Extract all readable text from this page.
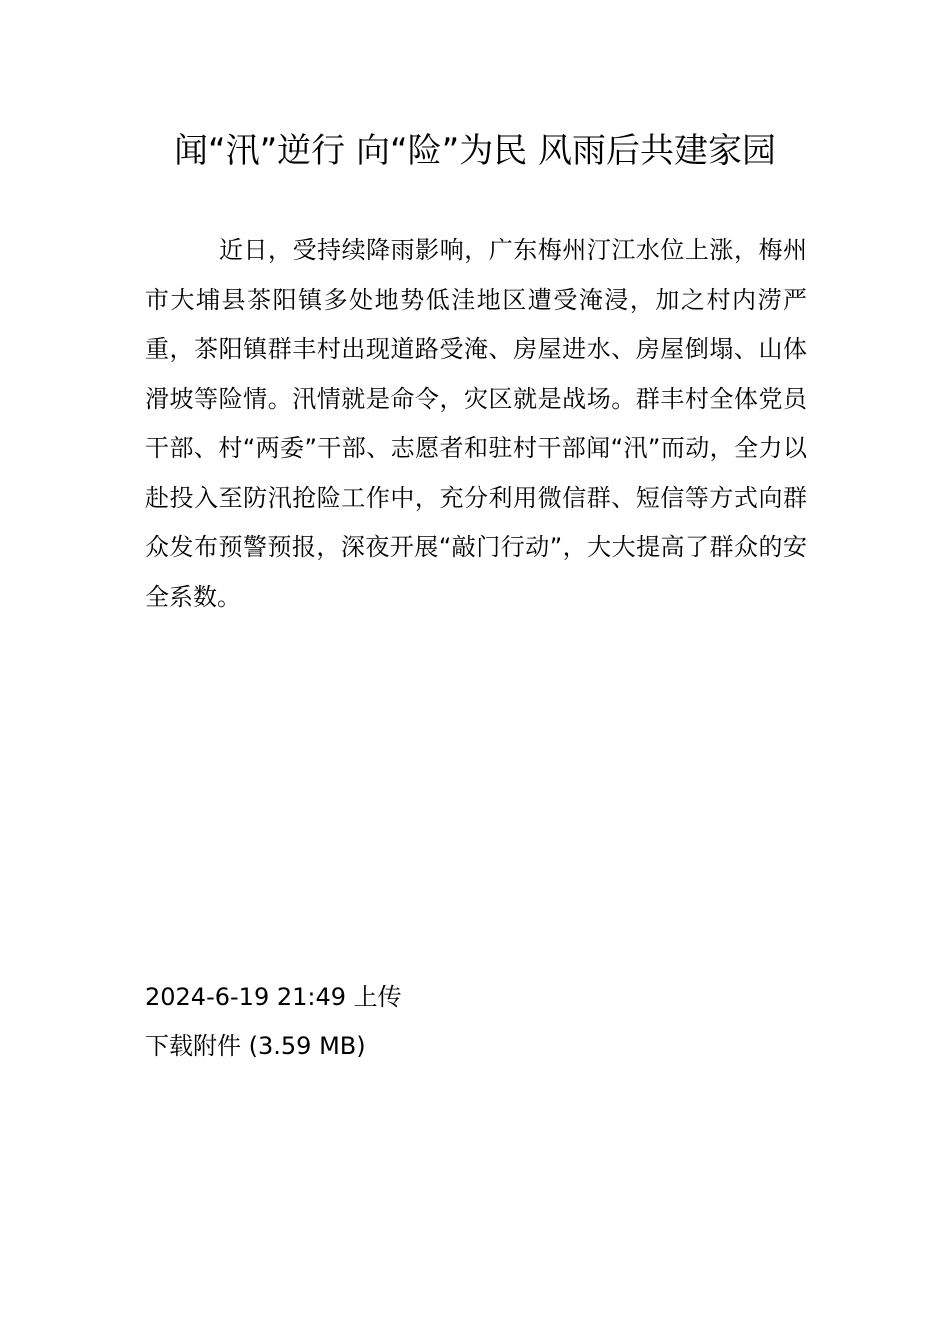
闻“汛”逆行 向“险”为民 风雨后共建家园

近日，受持续降雨影响，广东梅州汀江水位上涨，梅州市大埔县茶阳镇多处地势低洼地区遭受淹浸，加之村内涝严重，茶阳镇群丰村出现道路受淹、房屋进水、房屋倒塌、山体滑坡等险情。汛情就是命令，灾区就是战场。群丰村全体党员干部、村“两委”干部、志愿者和驻村干部闻“汛”而动，全力以赴投入至防汛抢险工作中，充分利用微信群、短信等方式向群众发布预警预报，深夜开展“敲门行动”，大大提高了群众的安全系数。

2024-6-19 21:49 上传
下载附件 (3.59 MB)
